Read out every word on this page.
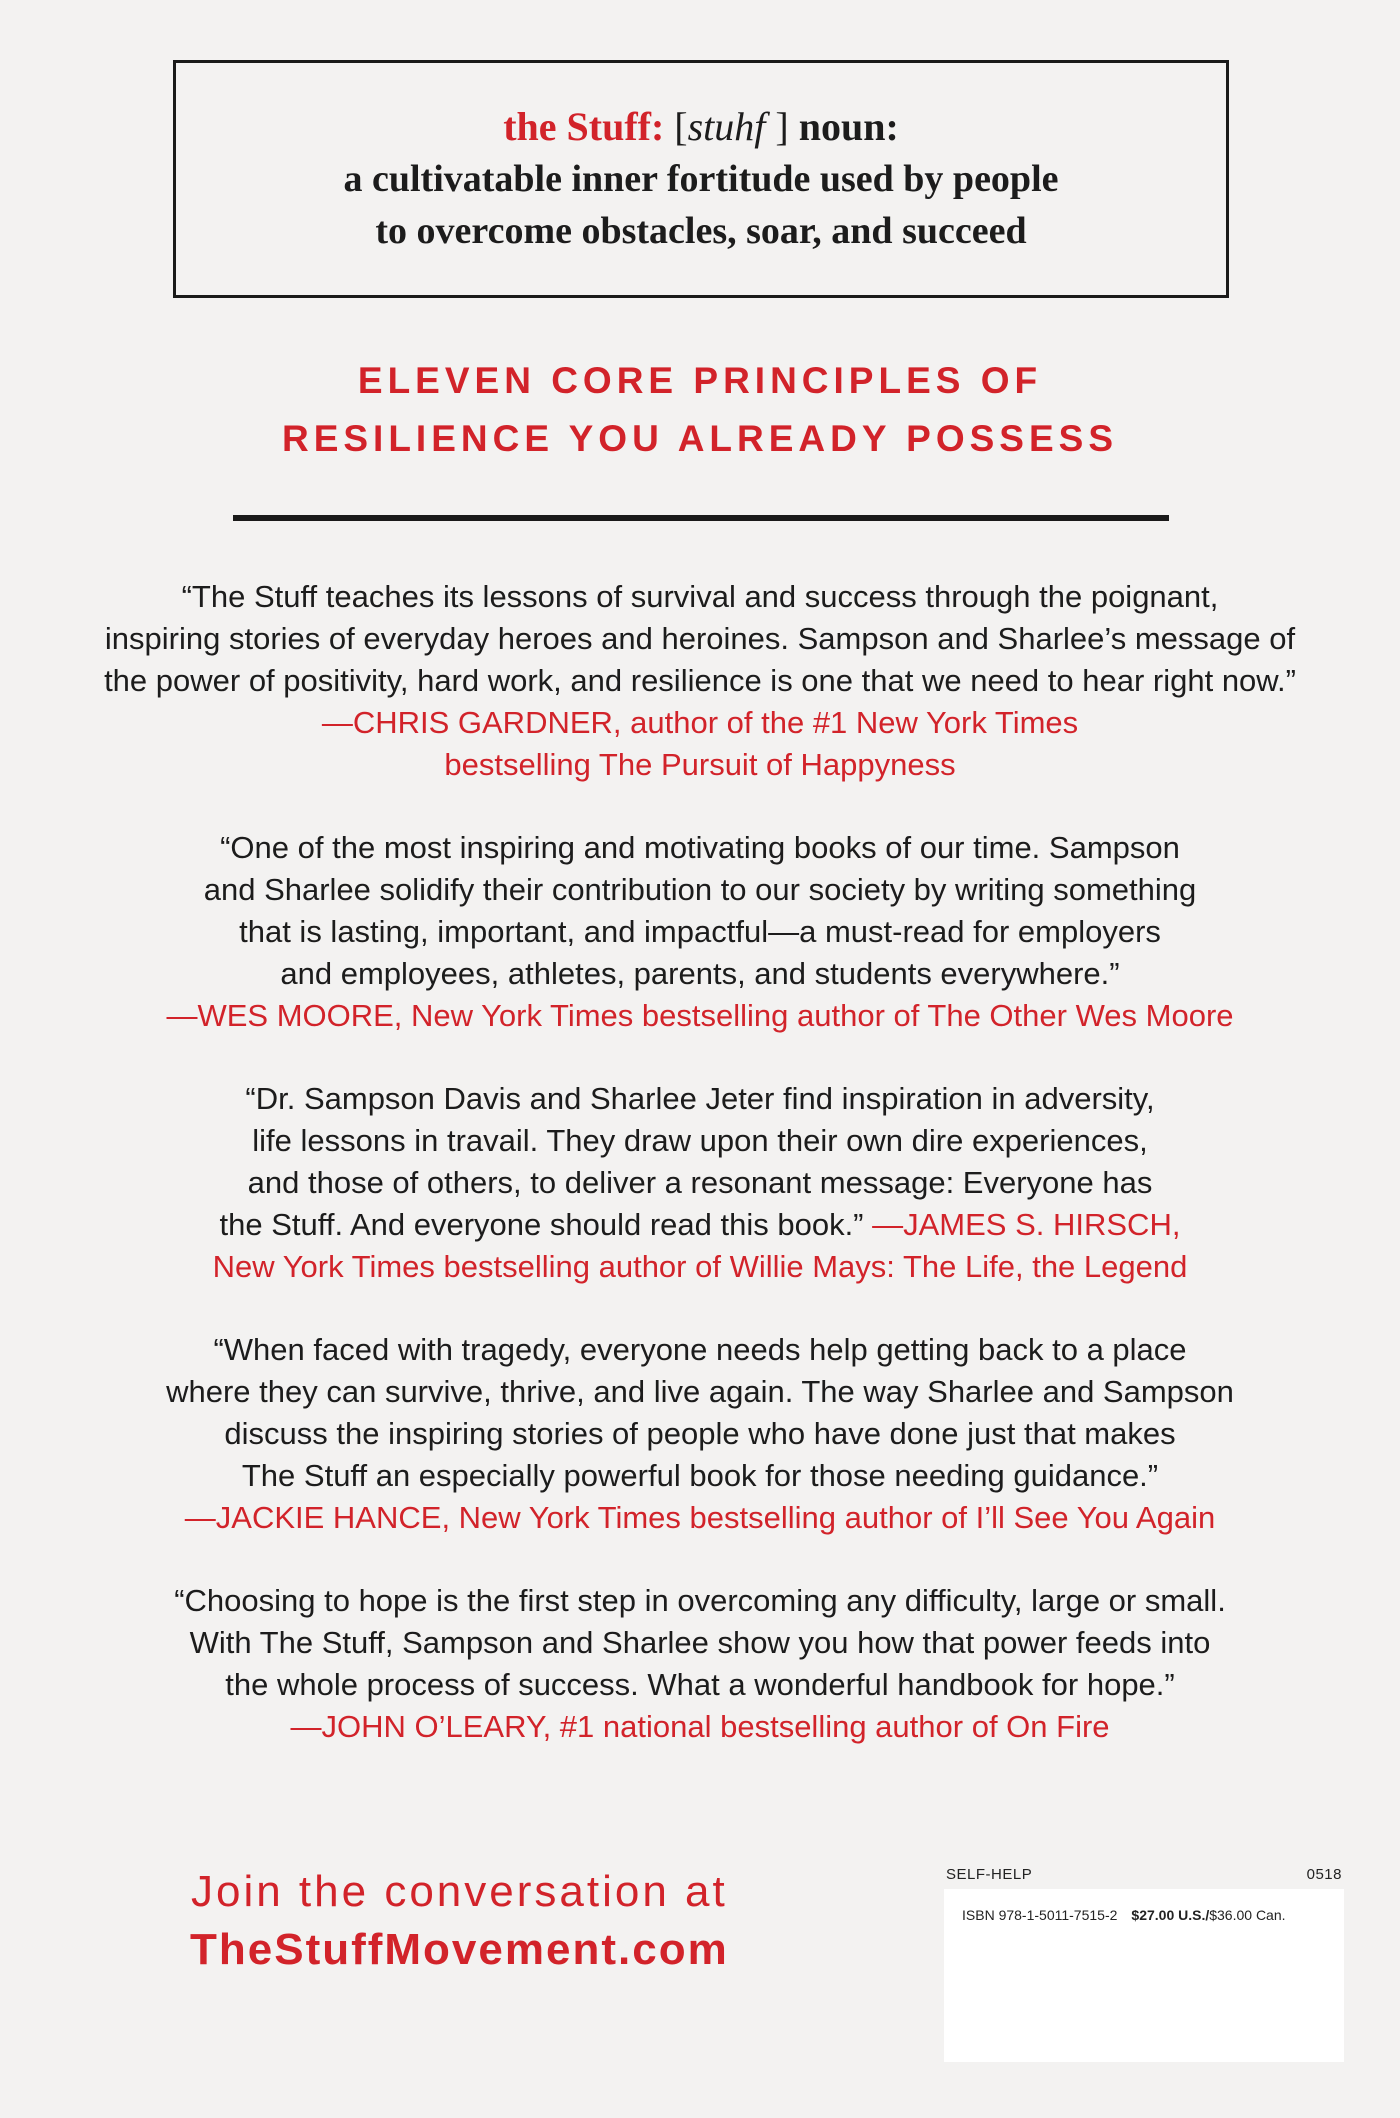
the Stuff: [stuhf ] noun:
a cultivatable inner fortitude used by people
to overcome obstacles, soar, and succeed
ELEVEN CORE PRINCIPLES OF
RESILIENCE YOU ALREADY POSSESS
“The Stuff teaches its lessons of survival and success through the poignant,
inspiring stories of everyday heroes and heroines. Sampson and Sharlee’s message of
the power of positivity, hard work, and resilience is one that we need to hear right now.”
—CHRIS GARDNER, author of the #1 New York Times
bestselling The Pursuit of Happyness
“One of the most inspiring and motivating books of our time. Sampson
and Sharlee solidify their contribution to our society by writing something
that is lasting, important, and impactful—a must-read for employers
and employees, athletes, parents, and students everywhere.”
—WES MOORE, New York Times bestselling author of The Other Wes Moore
“Dr. Sampson Davis and Sharlee Jeter find inspiration in adversity,
life lessons in travail. They draw upon their own dire experiences,
and those of others, to deliver a resonant message: Everyone has
the Stuff. And everyone should read this book.” —JAMES S. HIRSCH,
New York Times bestselling author of Willie Mays: The Life, the Legend
“When faced with tragedy, everyone needs help getting back to a place
where they can survive, thrive, and live again. The way Sharlee and Sampson
discuss the inspiring stories of people who have done just that makes
The Stuff an especially powerful book for those needing guidance.”
—JACKIE HANCE, New York Times bestselling author of I’ll See You Again
“Choosing to hope is the first step in overcoming any difficulty, large or small.
With The Stuff, Sampson and Sharlee show you how that power feeds into
the whole process of success. What a wonderful handbook for hope.”
—JOHN O’LEARY, #1 national bestselling author of On Fire
Join the conversation at
TheStuffMovement.com
SELF-HELP	0518
ISBN 978-1-5011-7515-2 $27.00 U.S./$36.00 Can.
